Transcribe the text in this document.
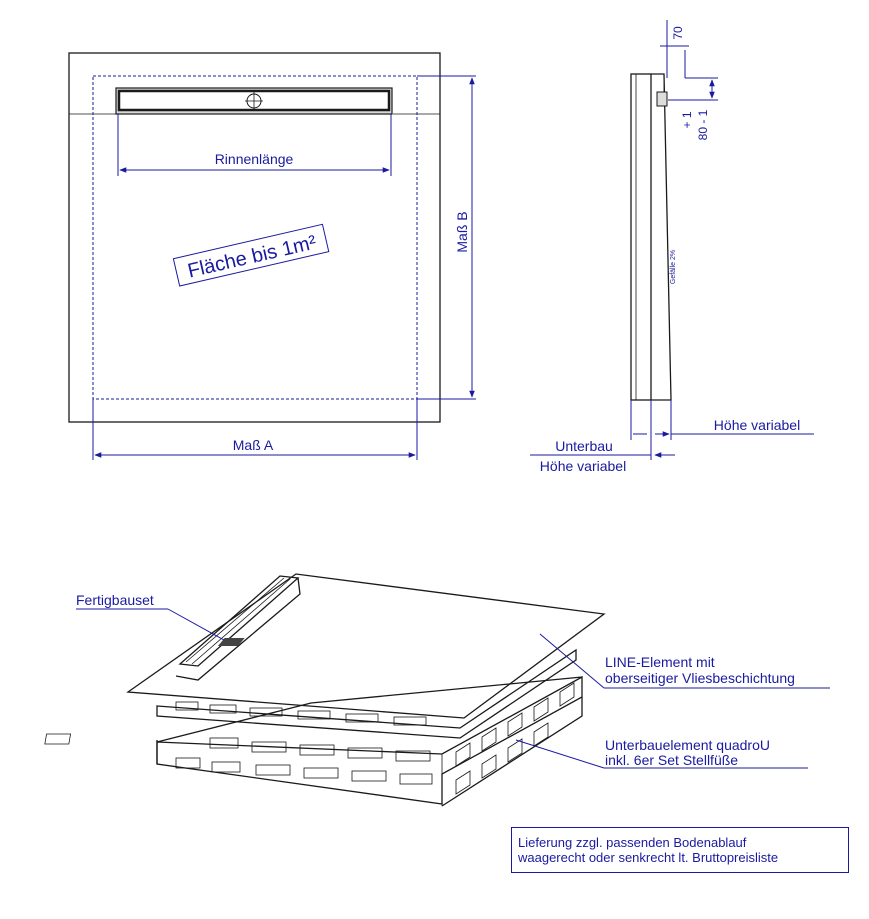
Rinnenlänge
Fläche bis 1m²	Maß B
Maß A
70
+ 1 80 - 1
Gefälle 2%
Höhe variabel
Unterbau
Höhe variabel
Fertigbauset
LINE-Element mit
oberseitiger Vliesbeschichtung
Unterbauelement quadroU
inkl. 6er Set Stellfüße
Lieferung zzgl. passenden Bodenablauf
waagerecht oder senkrecht lt. Bruttopreisliste
